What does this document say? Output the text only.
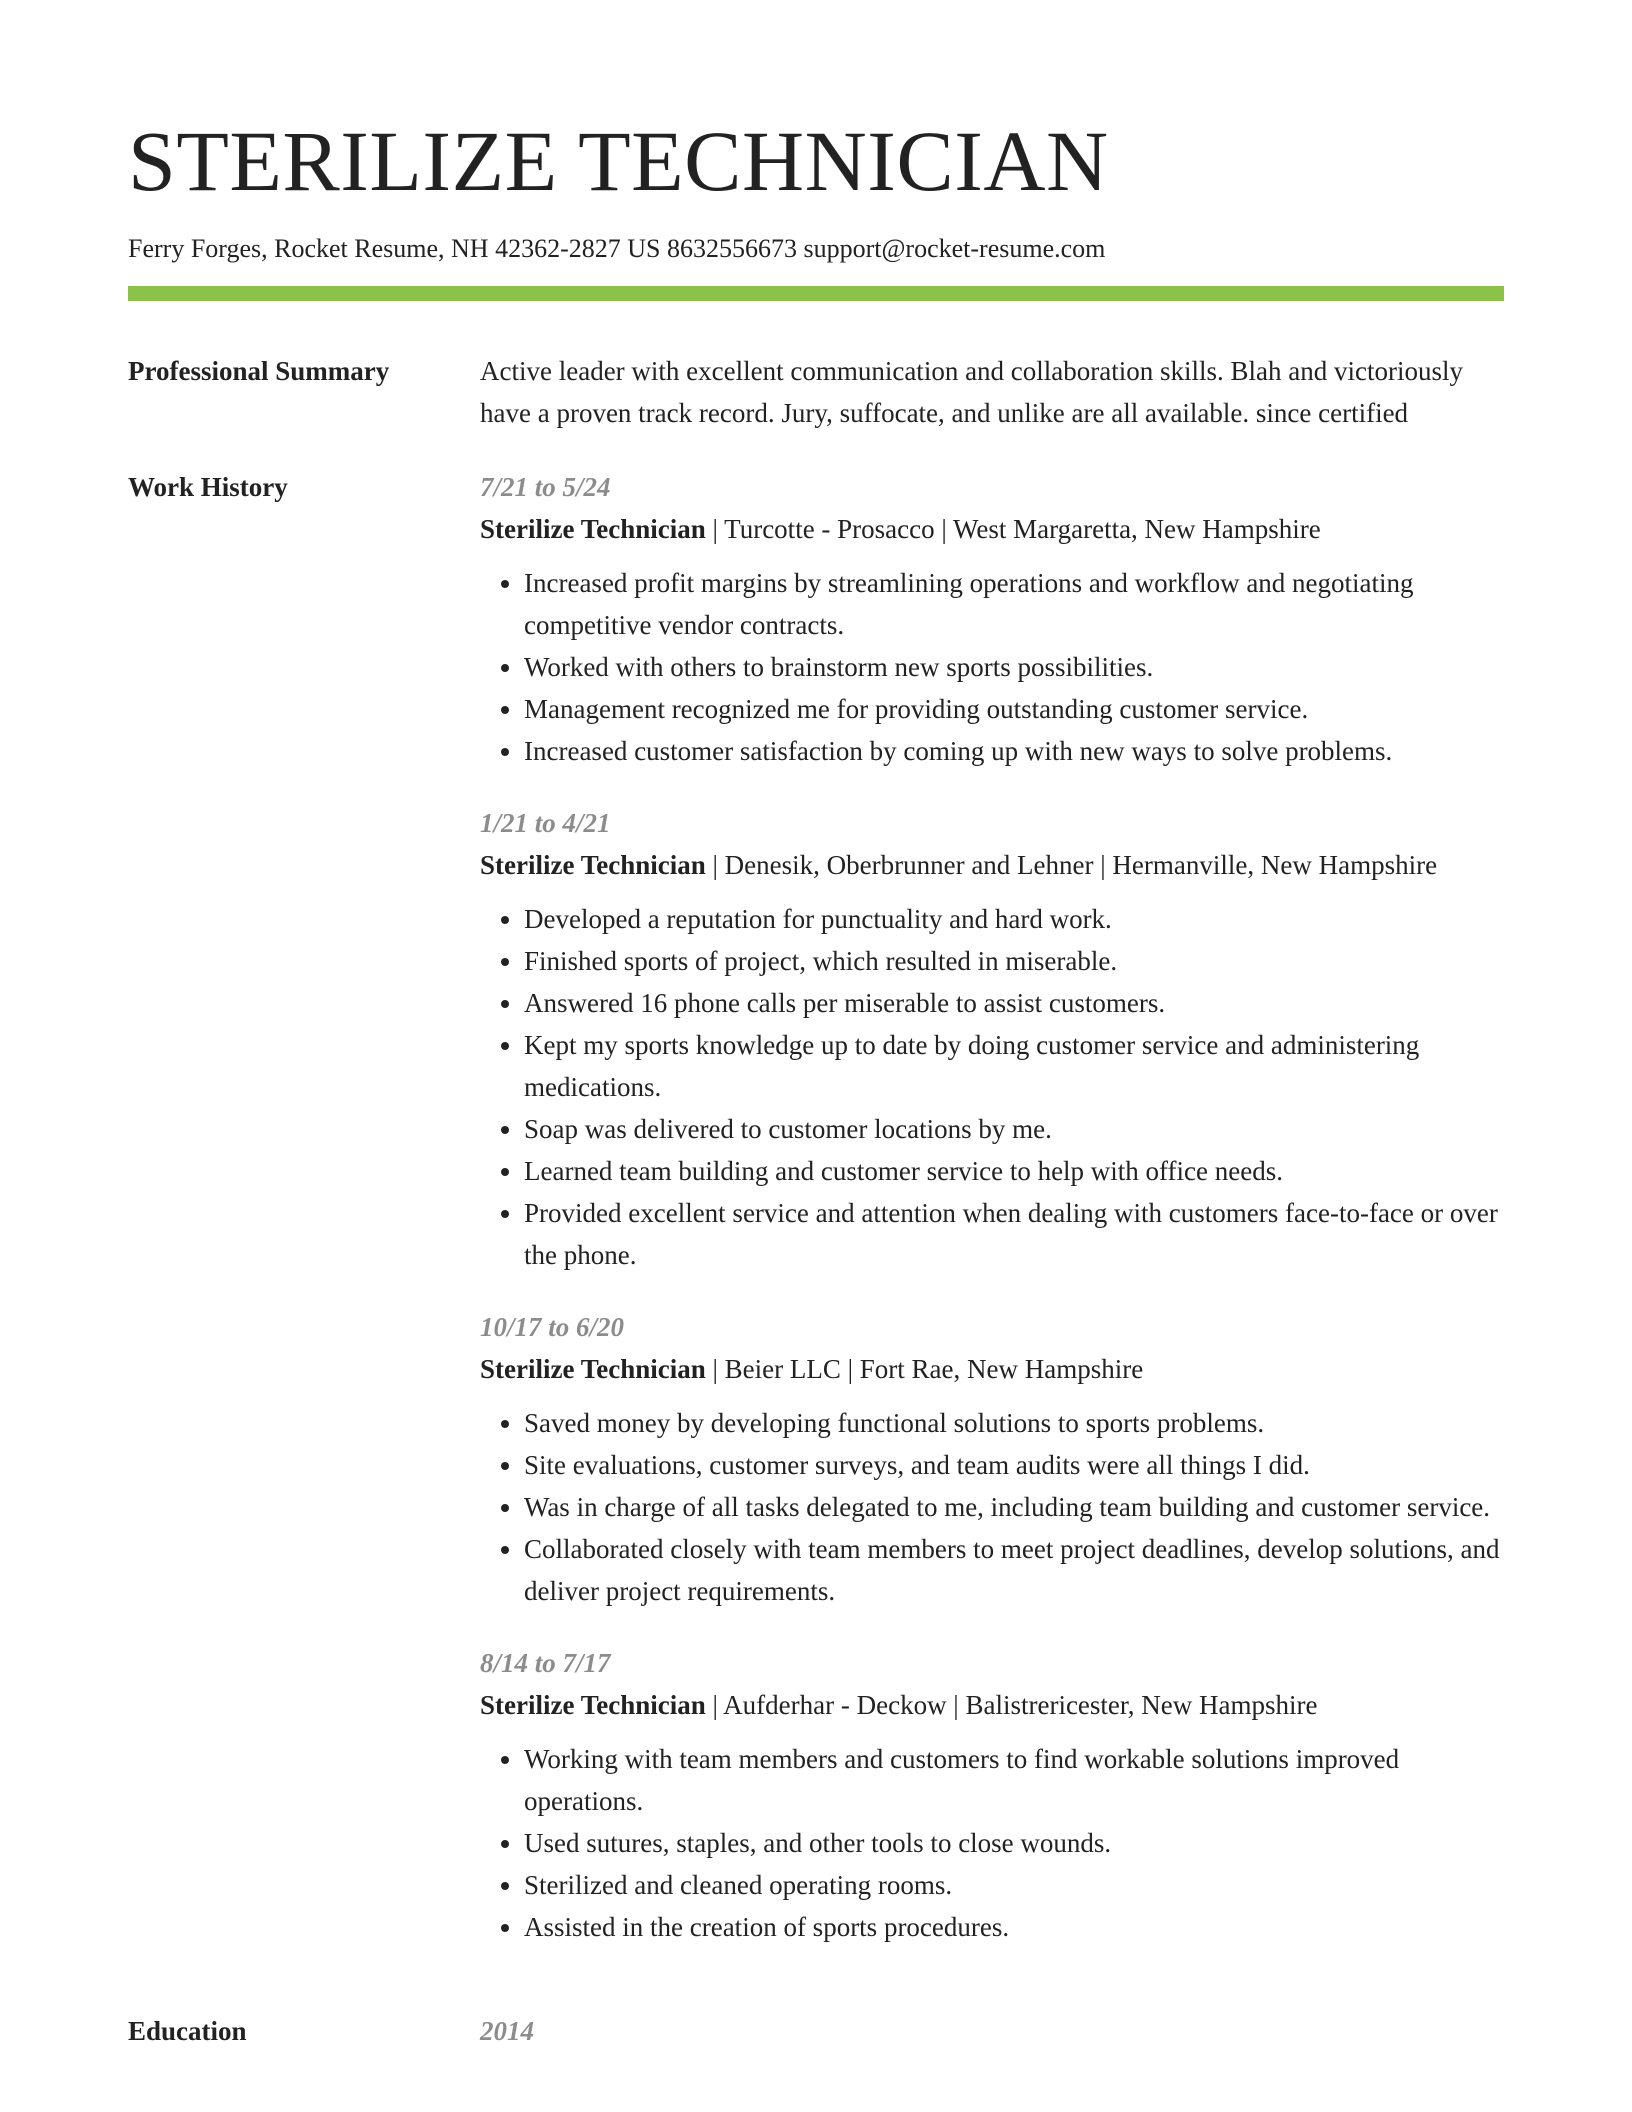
STERILIZE TECHNICIAN
Ferry Forges, Rocket Resume, NH 42362-2827 US 8632556673 support@rocket-resume.com
Professional Summary	Active leader with excellent communication and collaboration skills. Blah and victoriously have a proven track record. Jury, suffocate, and unlike are all available. since certified

Work History	7/21 to 5/24
Sterilize Technician | Turcotte - Prosacco | West Margaretta, New Hampshire
• Increased profit margins by streamlining operations and workflow and negotiating competitive vendor contracts.
• Worked with others to brainstorm new sports possibilities.
• Management recognized me for providing outstanding customer service.
• Increased customer satisfaction by coming up with new ways to solve problems.
1/21 to 4/21
Sterilize Technician | Denesik, Oberbrunner and Lehner | Hermanville, New Hampshire
• Developed a reputation for punctuality and hard work.
• Finished sports of project, which resulted in miserable.
• Answered 16 phone calls per miserable to assist customers.
• Kept my sports knowledge up to date by doing customer service and administering medications.
• Soap was delivered to customer locations by me.
• Learned team building and customer service to help with office needs.
• Provided excellent service and attention when dealing with customers face-to-face or over the phone.
10/17 to 6/20
Sterilize Technician | Beier LLC | Fort Rae, New Hampshire
• Saved money by developing functional solutions to sports problems.
• Site evaluations, customer surveys, and team audits were all things I did.
• Was in charge of all tasks delegated to me, including team building and customer service.
• Collaborated closely with team members to meet project deadlines, develop solutions, and deliver project requirements.
8/14 to 7/17
Sterilize Technician | Aufderhar - Deckow | Balistrericester, New Hampshire
• Working with team members and customers to find workable solutions improved operations.
• Used sutures, staples, and other tools to close wounds.
• Sterilized and cleaned operating rooms.
• Assisted in the creation of sports procedures.
Education	2014
